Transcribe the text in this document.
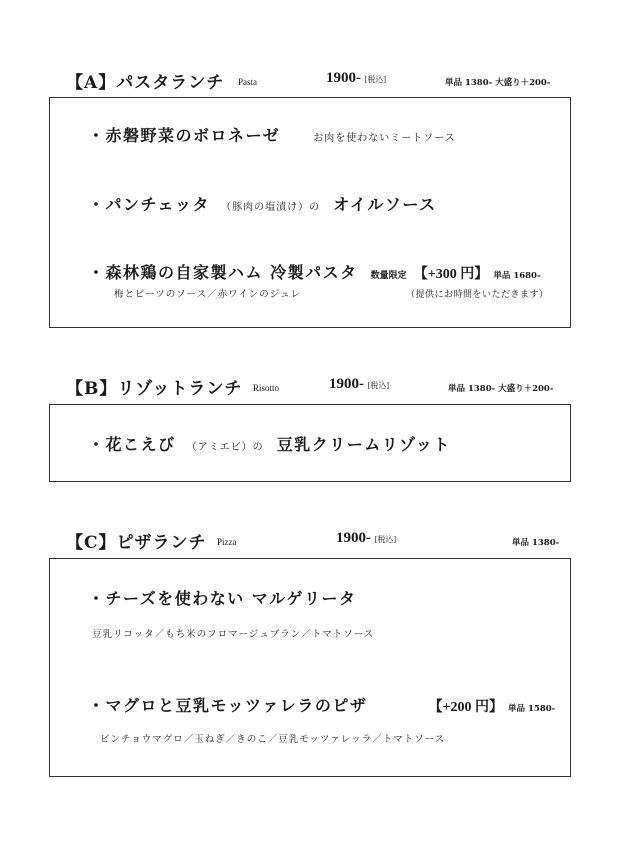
【A】パスタランチ Pasta	1900- [税込]	単品 1380- 大盛り＋200-
・赤磐野菜のボロネーゼ	お肉を使わないミートソース
・パンチェッタ （豚肉の塩漬け）の オイルソース
・森林鶏の自家製ハム 冷製パスタ 数量限定 【+300 円】 単品 1680-
梅とビーツのソース／赤ワインのジュレ	（提供にお時間をいただきます）
【B】リゾットランチ Risotto	1900- [税込]	単品 1380- 大盛り＋200-
・花こえび （アミエビ）の 豆乳クリームリゾット
【C】ピザランチ Pizza	1900- [税込]	単品 1380-
・チーズを使わない マルゲリータ
豆乳リコッタ／もち米のフロマージュブラン／トマトソース
・マグロと豆乳モッツァレラのピザ	【+200 円】 単品 1580-
ビンチョウマグロ／玉ねぎ／きのこ／豆乳モッツァレッラ／トマトソース
